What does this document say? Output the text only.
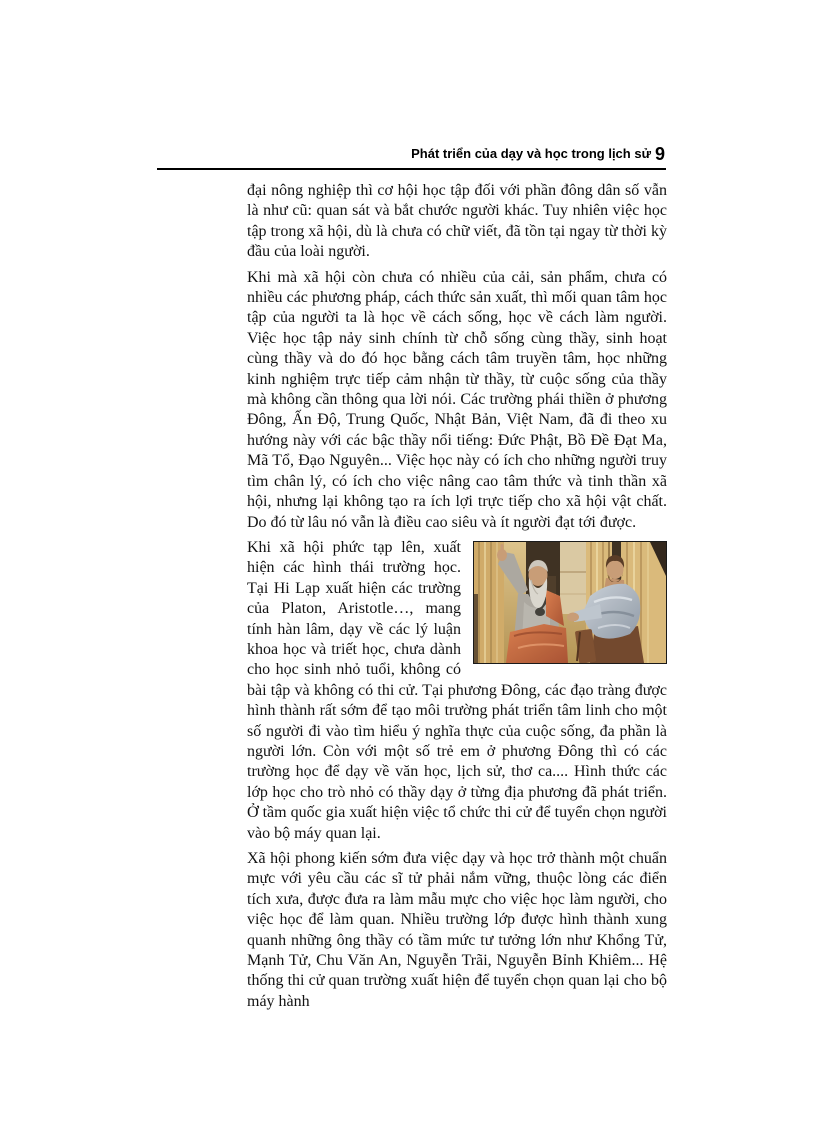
Phát triển của dạy và học trong lịch sử 9

đại nông nghiệp thì cơ hội học tập đối với phần đông dân số vẫn là như cũ: quan sát và bắt chước người khác. Tuy nhiên việc học tập trong xã hội, dù là chưa có chữ viết, đã tồn tại ngay từ thời kỳ đầu của loài người.

Khi mà xã hội còn chưa có nhiều của cải, sản phẩm, chưa có nhiều các phương pháp, cách thức sản xuất, thì mối quan tâm học tập của người ta là học về cách sống, học về cách làm người. Việc học tập nảy sinh chính từ chỗ sống cùng thầy, sinh hoạt cùng thầy và do đó học bằng cách tâm truyền tâm, học những kinh nghiệm trực tiếp cảm nhận từ thầy, từ cuộc sống của thầy mà không cần thông qua lời nói. Các trường phái thiền ở phương Đông, Ấn Độ, Trung Quốc, Nhật Bản, Việt Nam, đã đi theo xu hướng này với các bậc thầy nổi tiếng: Đức Phật, Bồ Đề Đạt Ma, Mã Tổ, Đạo Nguyên... Việc học này có ích cho những người truy tìm chân lý, có ích cho việc nâng cao tâm thức và tinh thần xã hội, nhưng lại không tạo ra ích lợi trực tiếp cho xã hội vật chất. Do đó từ lâu nó vẫn là điều cao siêu và ít người đạt tới được.

Khi xã hội phức tạp lên, xuất hiện các hình thái trường học. Tại Hi Lạp xuất hiện các trường của Platon, Aristotle…, mang tính hàn lâm, dạy về các lý luận khoa học và triết học, chưa dành cho học sinh nhỏ tuổi, không có bài tập và không có thi cử. Tại phương Đông, các đạo tràng được hình thành rất sớm để tạo môi trường phát triển tâm linh cho một số người đi vào tìm hiểu ý nghĩa thực của cuộc sống, đa phần là người lớn. Còn với một số trẻ em ở phương Đông thì có các trường học để dạy về văn học, lịch sử, thơ ca.... Hình thức các lớp học cho trò nhỏ có thầy dạy ở từng địa phương đã phát triển. Ở tầm quốc gia xuất hiện việc tổ chức thi cử để tuyển chọn người vào bộ máy quan lại.

Xã hội phong kiến sớm đưa việc dạy và học trở thành một chuẩn mực với yêu cầu các sĩ tử phải nắm vững, thuộc lòng các điển tích xưa, được đưa ra làm mẫu mực cho việc học làm người, cho việc học để làm quan. Nhiều trường lớp được hình thành xung quanh những ông thầy có tầm mức tư tưởng lớn như Khổng Tử, Mạnh Tử, Chu Văn An, Nguyễn Trãi, Nguyễn Bỉnh Khiêm... Hệ thống thi cử quan trường xuất hiện để tuyển chọn quan lại cho bộ máy hành
